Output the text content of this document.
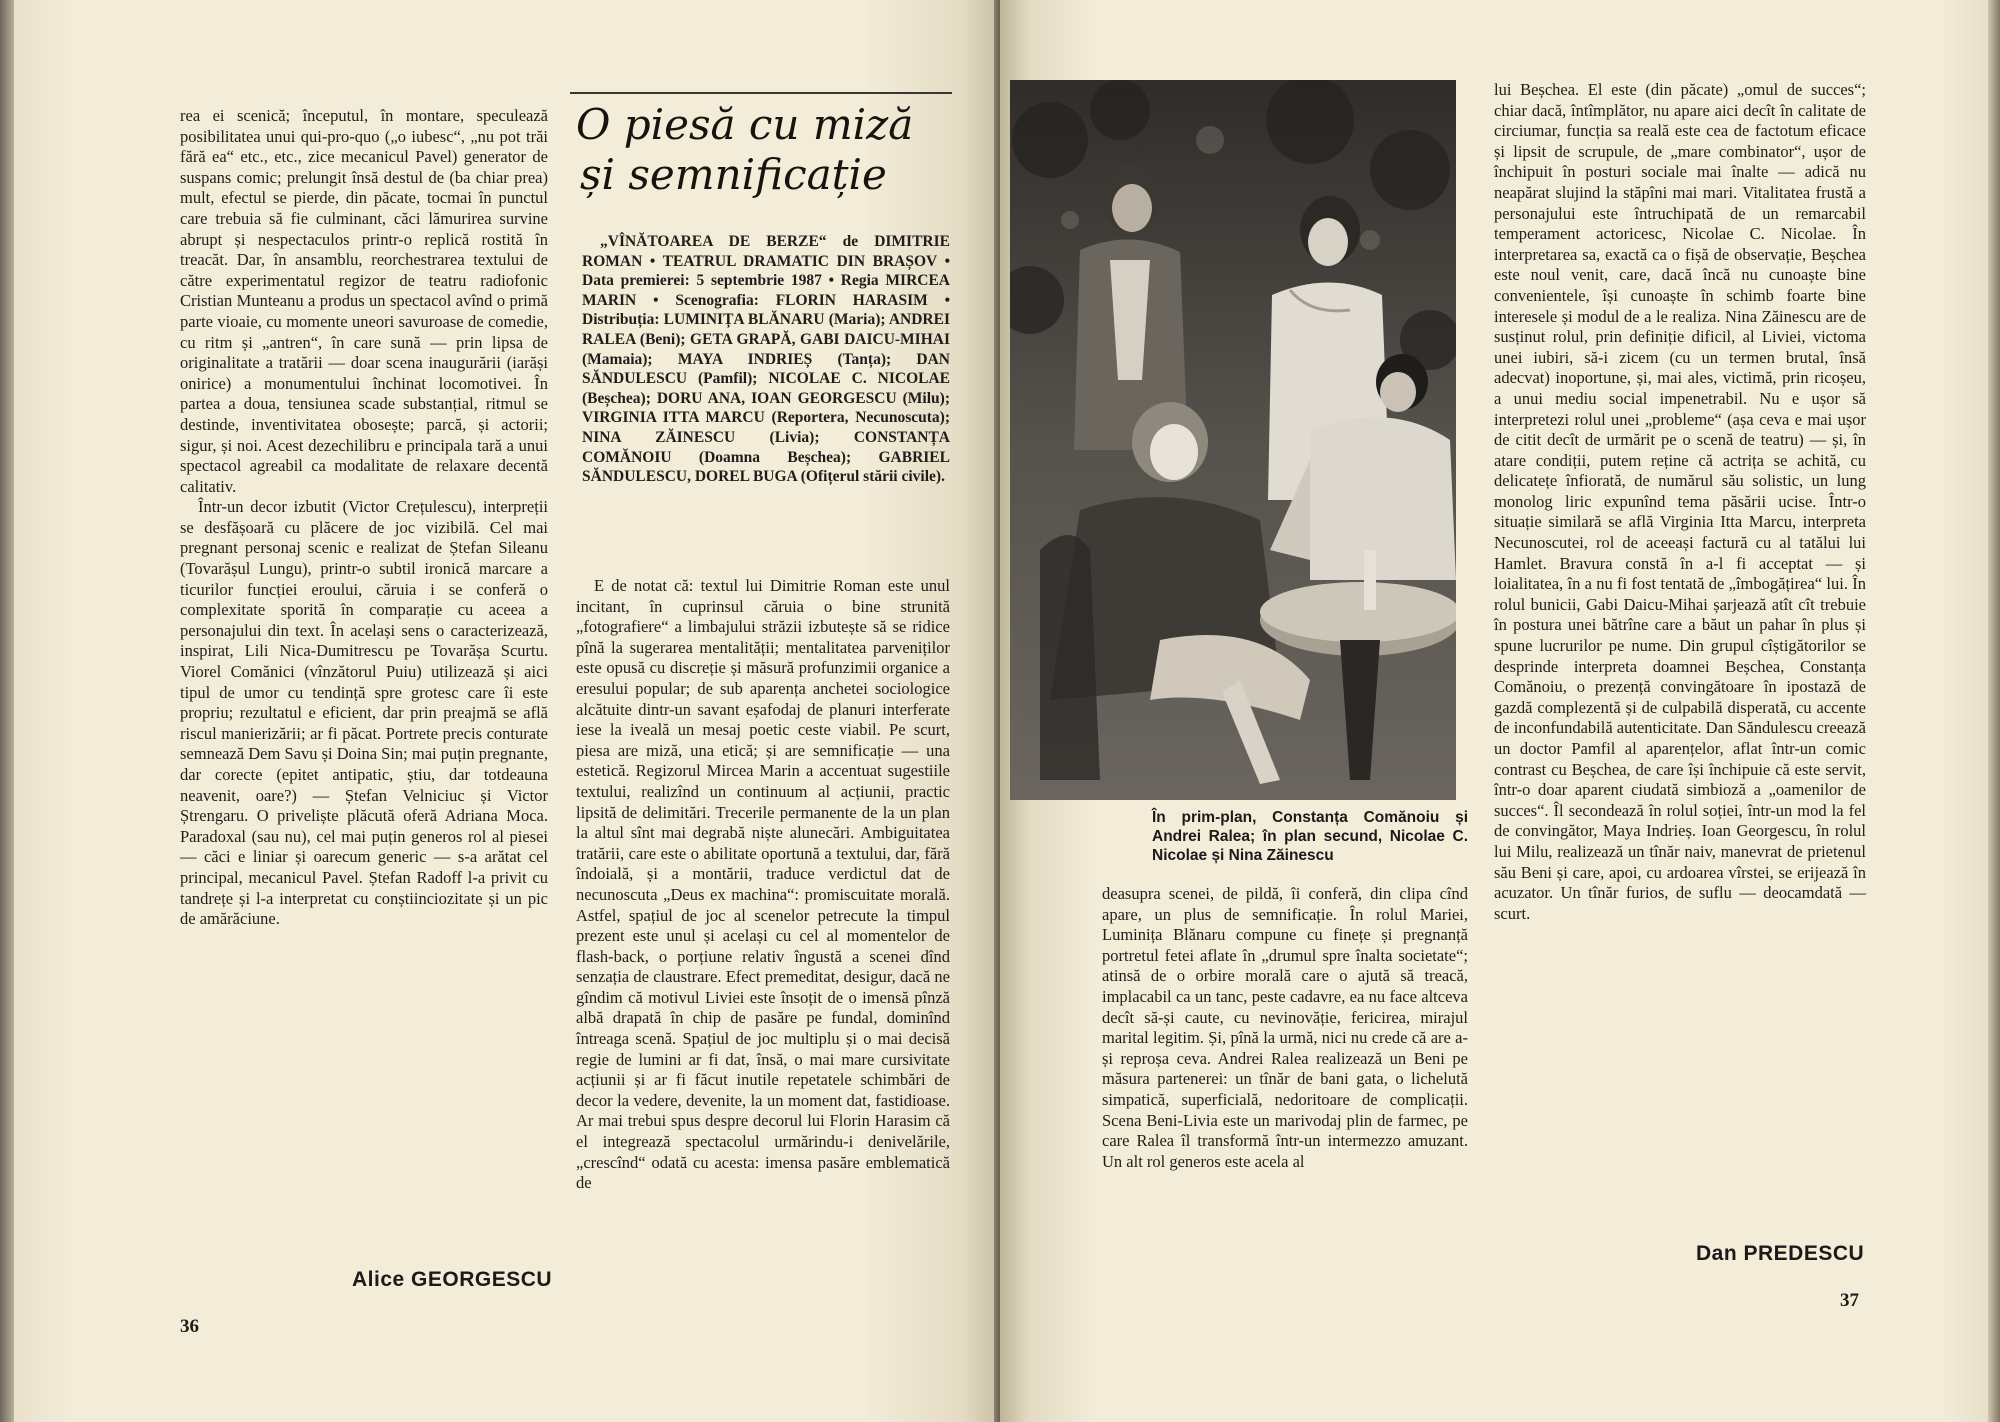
rea ei scenică; începutul, în montare, speculează posibilitatea unui qui-pro-quo („o iubesc“, „nu pot trăi fără ea“ etc., etc., zice mecanicul Pavel) generator de suspans comic; prelungit însă destul de (ba chiar prea) mult, efectul se pierde, din păcate, tocmai în punctul care trebuia să fie culminant, căci lămurirea survine abrupt și nespectaculos printr-o replică rostită în treacăt. Dar, în ansamblu, reorchestrarea textului de către experimentatul regizor de teatru radiofonic Cristian Munteanu a produs un spectacol avînd o primă parte vioaie, cu momente uneori savuroase de comedie, cu ritm și „antren“, în care sună — prin lipsa de originalitate a tratării — doar scena inaugurării (iarăși onirice) a monumentului închinat locomotivei. În partea a doua, tensiunea scade substanțial, ritmul se destinde, inventivitatea obosește; parcă, și actorii; sigur, și noi. Acest dezechilibru e principala tară a unui spectacol agreabil ca modalitate de relaxare decentă calitativ.

Într-un decor izbutit (Victor Crețulescu), interpreții se desfășoară cu plăcere de joc vizibilă. Cel mai pregnant personaj scenic e realizat de Ștefan Sileanu (Tovarășul Lungu), printr-o subtil ironică marcare a ticurilor funcției eroului, căruia i se conferă o complexitate sporită în comparație cu aceea a personajului din text. În același sens o caracterizează, inspirat, Lili Nica-Dumitrescu pe Tovarășa Scurtu. Viorel Comănici (vînzătorul Puiu) utilizează și aici tipul de umor cu tendință spre grotesc care îi este propriu; rezultatul e eficient, dar prin preajmă se află riscul manierizării; ar fi păcat. Portrete precis conturate semnează Dem Savu și Doina Sin; mai puțin pregnante, dar corecte (epitet antipatic, știu, dar totdeauna neavenit, oare?) — Ștefan Velniciuc și Victor Ștrengaru. O priveliște plăcută oferă Adriana Moca. Paradoxal (sau nu), cel mai puțin generos rol al piesei — căci e liniar și oarecum generic — s-a arătat cel principal, mecanicul Pavel. Ștefan Radoff l-a privit cu tandrețe și l-a interpretat cu conștiinciozitate și un pic de amărăciune.

Alice GEORGESCU
36
O piesă cu miză
și semnificație

„VÎNĂTOAREA DE BERZE“ de DIMITRIE ROMAN • TEATRUL DRAMATIC DIN BRAȘOV • Data premierei: 5 septembrie 1987 • Regia MIRCEA MARIN • Scenografia: FLORIN HARASIM • Distribuția: LUMINIȚA BLĂNARU (Maria); ANDREI RALEA (Beni); GETA GRAPĂ, GABI DAICU-MIHAI (Mamaia); MAYA INDRIEȘ (Tanța); DAN SĂNDULESCU (Pamfil); NICOLAE C. NICOLAE (Beșchea); DORU ANA, IOAN GEORGESCU (Milu); VIRGINIA ITTA MARCU (Reportera, Necunoscuta); NINA ZĂINESCU (Livia); CONSTANȚA COMĂNOIU (Doamna Beșchea); GABRIEL SĂNDULESCU, DOREL BUGA (Ofițerul stării civile).

E de notat că: textul lui Dimitrie Roman este unul incitant, în cuprinsul căruia o bine strunită „fotografiere“ a limbajului străzii izbutește să se ridice pînă la sugerarea mentalității; mentalitatea parveniților este opusă cu discreție și măsură profunzimii organice a eresului popular; de sub aparența anchetei sociologice alcătuite dintr-un savant eșafodaj de planuri interferate iese la iveală un mesaj poetic ceste viabil. Pe scurt, piesa are miză, una etică; și are semnificație — una estetică. Regizorul Mircea Marin a accentuat sugestiile textului, realizînd un continuum al acțiunii, practic lipsită de delimitări. Trecerile permanente de la un plan la altul sînt mai degrabă niște alunecări. Ambiguitatea tratării, care este o abilitate oportună a textului, dar, fără îndoială, și a montării, traduce verdictul dat de necunoscuta „Deus ex machina“: promiscuitate morală. Astfel, spațiul de joc al scenelor petrecute la timpul prezent este unul și același cu cel al momentelor de flash-back, o porțiune relativ îngustă a scenei dînd senzația de claustrare. Efect premeditat, desigur, dacă ne gîndim că motivul Liviei este însoțit de o imensă pînză albă drapată în chip de pasăre pe fundal, dominînd întreaga scenă. Spațiul de joc multiplu și o mai decisă regie de lumini ar fi dat, însă, o mai mare cursivitate acțiunii și ar fi făcut inutile repetatele schimbări de decor la vedere, devenite, la un moment dat, fastidioase. Ar mai trebui spus despre decorul lui Florin Harasim că el integrează spectacolul urmărindu-i denivelările, „crescînd“ odată cu acesta: imensa pasăre emblematică de

În prim-plan, Constanța Comănoiu și Andrei Ralea; în plan secund, Nicolae C. Nicolae și Nina Zăinescu

deasupra scenei, de pildă, îi conferă, din clipa cînd apare, un plus de semnificație. În rolul Mariei, Luminița Blănaru compune cu finețe și pregnanță portretul fetei aflate în „drumul spre înalta societate“; atinsă de o orbire morală care o ajută să treacă, implacabil ca un tanc, peste cadavre, ea nu face altceva decît să-și caute, cu nevinovăție, fericirea, mirajul marital legitim. Și, pînă la urmă, nici nu crede că are a-și reproșa ceva. Andrei Ralea realizează un Beni pe măsura partenerei: un tînăr de bani gata, o lichelută simpatică, superficială, nedoritoare de complicații. Scena Beni-Livia este un marivodaj plin de farmec, pe care Ralea îl transformă într-un intermezzo amuzant. Un alt rol generos este acela al

lui Beșchea. El este (din păcate) „omul de succes“; chiar dacă, întîmplător, nu apare aici decît în calitate de circiumar, funcția sa reală este cea de factotum eficace și lipsit de scrupule, de „mare combinator“, ușor de închipuit în posturi sociale mai înalte — adică nu neapărat slujind la stăpîni mai mari. Vitalitatea frustă a personajului este întruchipată de un remarcabil temperament actoricesc, Nicolae C. Nicolae. În interpretarea sa, exactă ca o fișă de observație, Beșchea este noul venit, care, dacă încă nu cunoaște bine convenientele, își cunoaște în schimb foarte bine interesele și modul de a le realiza. Nina Zăinescu are de susținut rolul, prin definiție dificil, al Liviei, victoma unei iubiri, să-i zicem (cu un termen brutal, însă adecvat) inoportune, și, mai ales, victimă, prin ricoșeu, a unui mediu social impenetrabil. Nu e ușor să interpretezi rolul unei „probleme“ (așa ceva e mai ușor de citit decît de urmărit pe o scenă de teatru) — și, în atare condiții, putem reține că actrița se achită, cu delicatețe înfiorată, de numărul său solistic, un lung monolog liric expunînd tema păsării ucise. Într-o situație similară se află Virginia Itta Marcu, interpreta Necunoscutei, rol de aceeași factură cu al tatălui lui Hamlet. Bravura constă în a-l fi acceptat — și loialitatea, în a nu fi fost tentată de „îmbogățirea“ lui. În rolul bunicii, Gabi Daicu-Mihai șarjează atît cît trebuie în postura unei bătrîne care a băut un pahar în plus și spune lucrurilor pe nume. Din grupul cîștigătorilor se desprinde interpreta doamnei Beșchea, Constanța Comănoiu, o prezență convingătoare în ipostază de gazdă complezentă și de culpabilă disperată, cu accente de inconfundabilă autenticitate. Dan Săndulescu creează un doctor Pamfil al aparențelor, aflat într-un comic contrast cu Beșchea, de care își închipuie că este servit, într-o doar aparent ciudată simbioză a „oamenilor de succes“. Îl secondează în rolul soției, într-un mod la fel de convingător, Maya Indrieș. Ioan Georgescu, în rolul lui Milu, realizează un tînăr naiv, manevrat de prietenul său Beni și care, apoi, cu ardoarea vîrstei, se erijează în acuzator. Un tînăr furios, de suflu — deocamdată — scurt.

Dan PREDESCU
37
